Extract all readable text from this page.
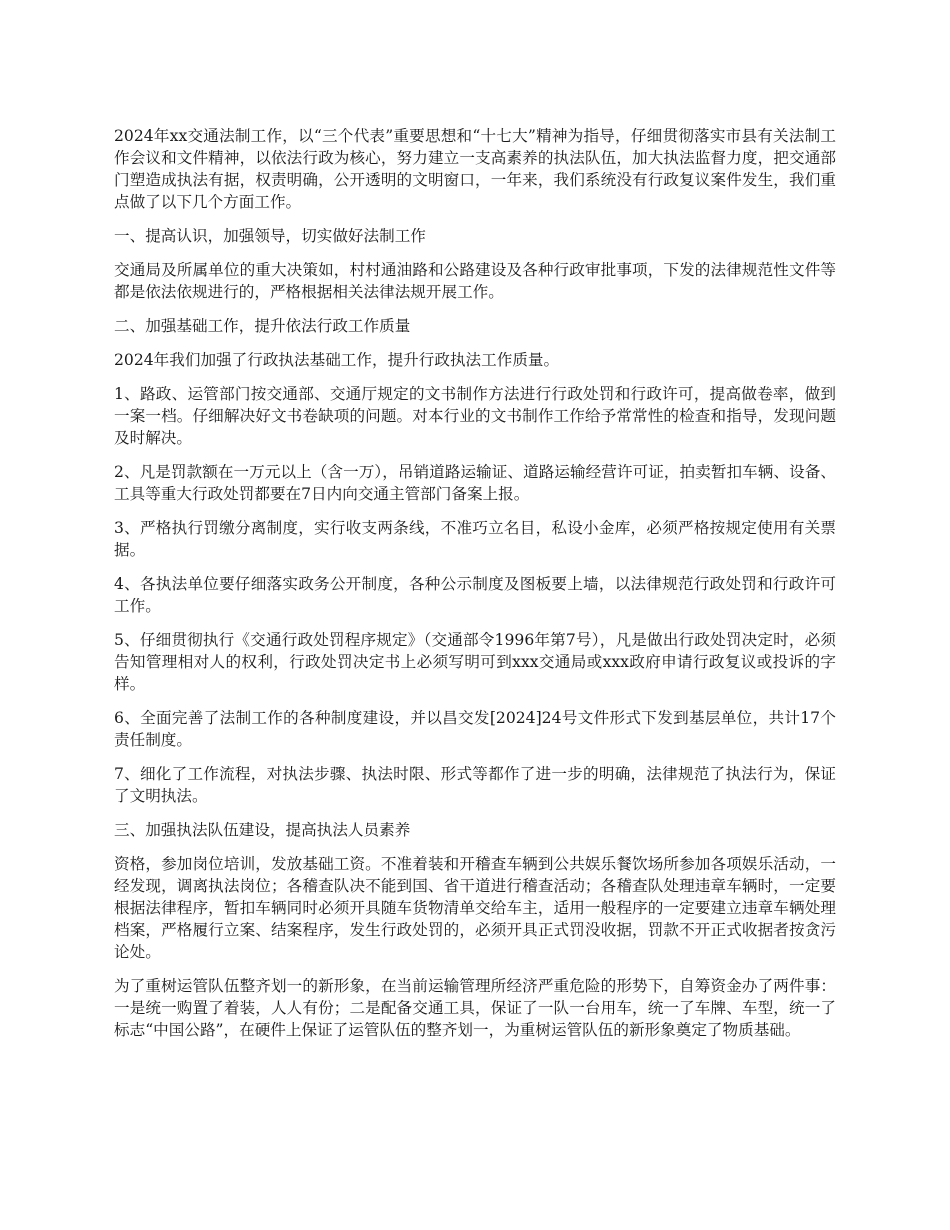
2024年xx交通法制工作，以“三个代表”重要思想和“十七大”精神为指导，仔细贯彻落实市县有关法制工作会议和文件精神，以依法行政为核心，努力建立一支高素养的执法队伍，加大执法监督力度，把交通部门塑造成执法有据，权责明确，公开透明的文明窗口，一年来，我们系统没有行政复议案件发生，我们重点做了以下几个方面工作。

一、提高认识，加强领导，切实做好法制工作

交通局及所属单位的重大决策如，村村通油路和公路建设及各种行政审批事项，下发的法律规范性文件等都是依法依规进行的，严格根据相关法律法规开展工作。

二、加强基础工作，提升依法行政工作质量

2024年我们加强了行政执法基础工作，提升行政执法工作质量。

1、路政、运管部门按交通部、交通厅规定的文书制作方法进行行政处罚和行政许可，提高做卷率，做到一案一档。仔细解决好文书卷缺项的问题。对本行业的文书制作工作给予常常性的检查和指导，发现问题及时解决。

2、凡是罚款额在一万元以上（含一万），吊销道路运输证、道路运输经营许可证，拍卖暂扣车辆、设备、工具等重大行政处罚都要在7日内向交通主管部门备案上报。

3、严格执行罚缴分离制度，实行收支两条线，不准巧立名目，私设小金库，必须严格按规定使用有关票据。

4、各执法单位要仔细落实政务公开制度，各种公示制度及图板要上墙，以法律规范行政处罚和行政许可工作。

5、仔细贯彻执行《交通行政处罚程序规定》（交通部令1996年第7号），凡是做出行政处罚决定时，必须告知管理相对人的权利，行政处罚决定书上必须写明可到xxx交通局或xxx政府申请行政复议或投诉的字样。

6、全面完善了法制工作的各种制度建设，并以昌交发[2024]24号文件形式下发到基层单位，共计17个责任制度。

7、细化了工作流程，对执法步骤、执法时限、形式等都作了进一步的明确，法律规范了执法行为，保证了文明执法。

三、加强执法队伍建设，提高执法人员素养

资格，参加岗位培训，发放基础工资。不准着装和开稽查车辆到公共娱乐餐饮场所参加各项娱乐活动，一经发现，调离执法岗位；各稽查队决不能到国、省干道进行稽查活动；各稽查队处理违章车辆时，一定要根据法律程序，暂扣车辆同时必须开具随车货物清单交给车主，适用一般程序的一定要建立违章车辆处理档案，严格履行立案、结案程序，发生行政处罚的，必须开具正式罚没收据，罚款不开正式收据者按贪污论处。

为了重树运管队伍整齐划一的新形象，在当前运输管理所经济严重危险的形势下，自筹资金办了两件事：一是统一购置了着装，人人有份；二是配备交通工具，保证了一队一台用车，统一了车牌、车型，统一了标志“中国公路”，在硬件上保证了运管队伍的整齐划一，为重树运管队伍的新形象奠定了物质基础。
